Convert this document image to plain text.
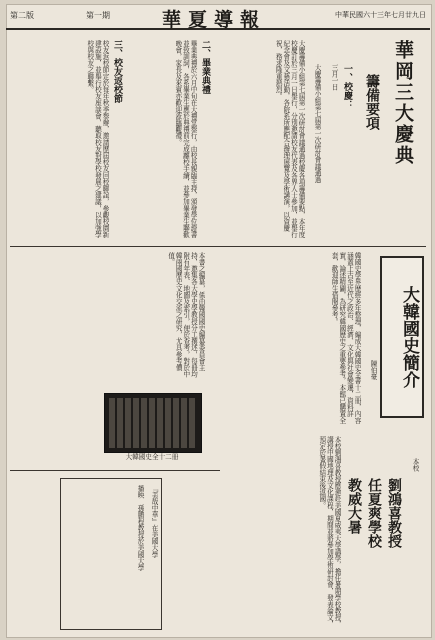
第二版	第一期	華夏導報	中華民國六十三年七月廿九日
華岡三大慶典
籌備要項
一、校慶：
三月一日
大慶籌備小組第七屆第一次研討會議通過
大慶籌備小組第七屆第一次研討會議通過校慶各項籌備要點，本年度校慶訂於三月一日舉行，分別邀請校友代表及各界人士參加，並舉行紀念會及文藝活動，各院系所應配合辦理展覽及學術講演，以資慶祝，務求隆重熱烈。
二、畢業典禮
畢業典禮於六月中旬在大禮堂舉行，由校長親臨主持，頒發學位證書並致訓詞，各系畢業生應於典禮前完成離校手續，並參加畢業生聯歡晚會，家長及來賓亦歡迎蒞臨觀禮。
三、校友返校節
校友返校節定於每年秋季舉辦，邀請歷屆校友回校聯誼，參觀校園新建設施，並舉行校友座談會，聽取校友對學校發展之建議，以加強學校與校友之聯繫。
大韓國史簡介
陳伯豪
韓國史學界歷經多年整理，編成大韓國史全書十二冊，內容涵蓋上古至近代之政治、經濟、文化與社會變遷，資料詳實，論述精闢，為研究韓國歷史之重要參考，本館已購置全套，歡迎師生借閱參考。
本書之編纂，係由韓國國史編纂委員會主持，邀集各大學史學教授分工撰述，每冊均附有年表、地圖及索引，便於查考，對於中韓兩國歷史文化交流之研究，尤具參考價值。
大韓國史全十二冊
本校
劉鴻喜教授
任夏爽學校
教威大暑
本校劉鴻喜教授應邀赴美國夏威夷大學講學，擔任暑期學校教授，講授中國地理及文化課程，期間並將參加學術研討會，發表論文，預定於暑假結束後返國。
『美哉中華』在美國大學
播映　孫鹏程教授於美國大學
